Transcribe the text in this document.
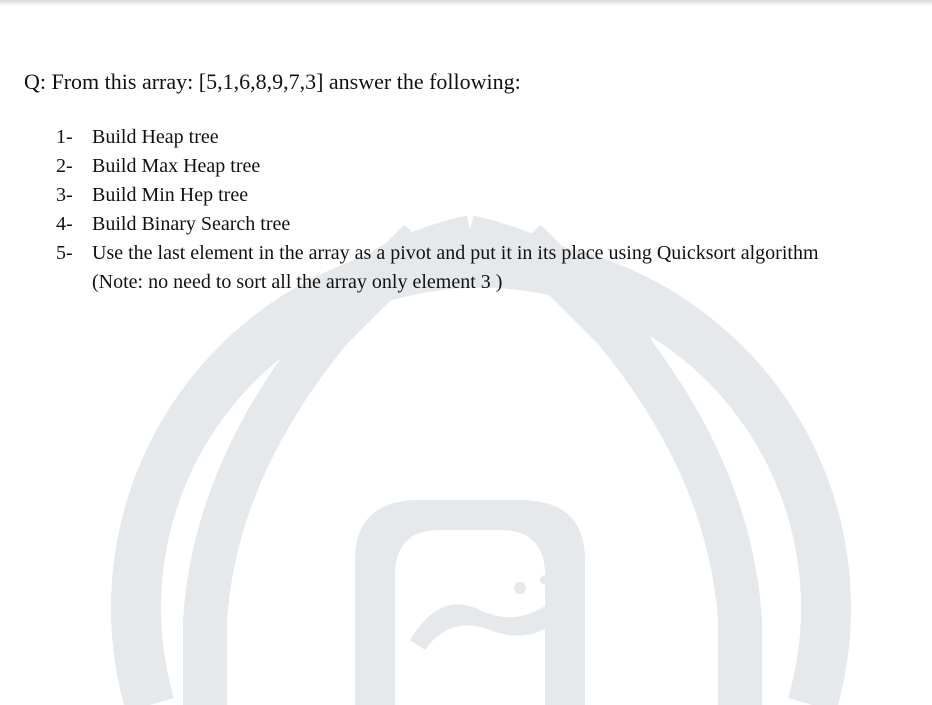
Q: From this array: [5,1,6,8,9,7,3] answer the following:
1- Build Heap tree
2- Build Max Heap tree
3- Build Min Hep tree
4- Build Binary Search tree
5- Use the last element in the array as a pivot and put it in its place using Quicksort algorithm
(Note: no need to sort all the array only element 3 )
